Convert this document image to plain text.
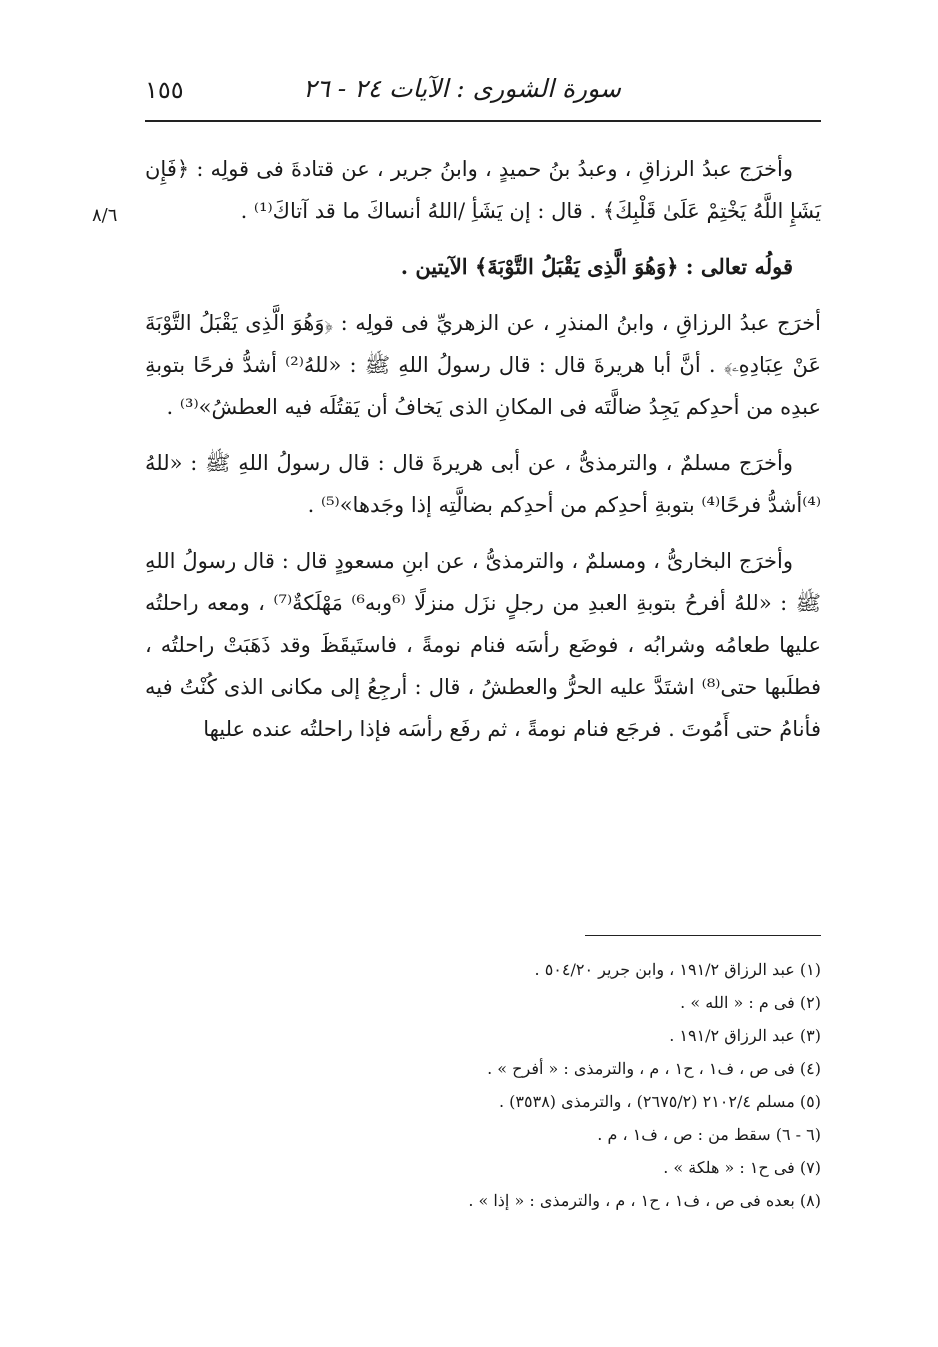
١٥٥	سورة الشورى : الآيات ٢٤ - ٢٦
٨/٦

وأخرَج عبدُ الرزاقِ ، وعبدُ بنُ حميدٍ ، وابنُ جرير ، عن قتادةَ فى قولِه : ﴿فَإِن يَشَإِ اللَّهُ يَخْتِمْ عَلَىٰ قَلْبِكَ﴾ . قال : إن يَشَأِ /اللهُ أنساكَ ما قد آتاكَ⁽¹⁾ .

قولُه تعالى : ﴿وَهُوَ الَّذِى يَقْبَلُ التَّوْبَةَ﴾ الآيتين .

أخرَج عبدُ الرزاقِ ، وابنُ المنذرِ ، عن الزهريِّ فى قولِه : ﴿وَهُوَ الَّذِى يَقْبَلُ التَّوْبَةَ عَنْ عِبَادِهِۦ﴾ . أنَّ أبا هريرةَ قال : قال رسولُ اللهِ ﷺ : «للهُ⁽²⁾ أشدُّ فرحًا بتوبةِ عبدِه من أحدِكم يَجِدُ ضالَّتَه فى المكانِ الذى يَخافُ أن يَقتُلَه فيه العطشُ»⁽³⁾ .

وأخرَج مسلمٌ ، والترمذىُّ ، عن أبى هريرةَ قال : قال رسولُ اللهِ ﷺ : «للهُ ⁽⁴⁾أشدُّ فرحًا⁽⁴⁾ بتوبةِ أحدِكم من أحدِكم بضالَّتِه إذا وجَدها»⁽⁵⁾ .

وأخرَج البخارىُّ ، ومسلمٌ ، والترمذىُّ ، عن ابنِ مسعودٍ قال : قال رسولُ اللهِ ﷺ : «للهُ أفرحُ بتوبةِ العبدِ من رجلٍ نزَل منزلًا ⁽⁶وبه⁶⁾ مَهْلَكةٌ⁽⁷⁾ ، ومعه راحلتُه عليها طعامُه وشرابُه ، فوضَع رأسَه فنام نومةً ، فاستَيقَظَ وقد ذَهَبَتْ راحلتُه ، فطلَبها حتى⁽⁸⁾ اشتَدَّ عليه الحرُّ والعطشُ ، قال : أرجِعُ إلى مكانى الذى كُنْتُ فيه فأنامُ حتى أَمُوتَ . فرجَع فنام نومةً ، ثم رفَع رأسَه فإذا راحلتُه عنده عليها

(١) عبد الرزاق ١٩١/٢ ، وابن جرير ٥٠٤/٢٠ .

(٢) فى م : « الله » .

(٣) عبد الرزاق ١٩١/٢ .

(٤) فى ص ، ف١ ، ح١ ، م ، والترمذى : « أفرح » .

(٥) مسلم ٢١٠٢/٤ (٢٦٧٥/٢) ، والترمذى (٣٥٣٨) .

(٦ - ٦) سقط من : ص ، ف١ ، م .

(٧) فى ح١ : « هلكة » .

(٨) بعده فى ص ، ف١ ، ح١ ، م ، والترمذى : « إذا » .
